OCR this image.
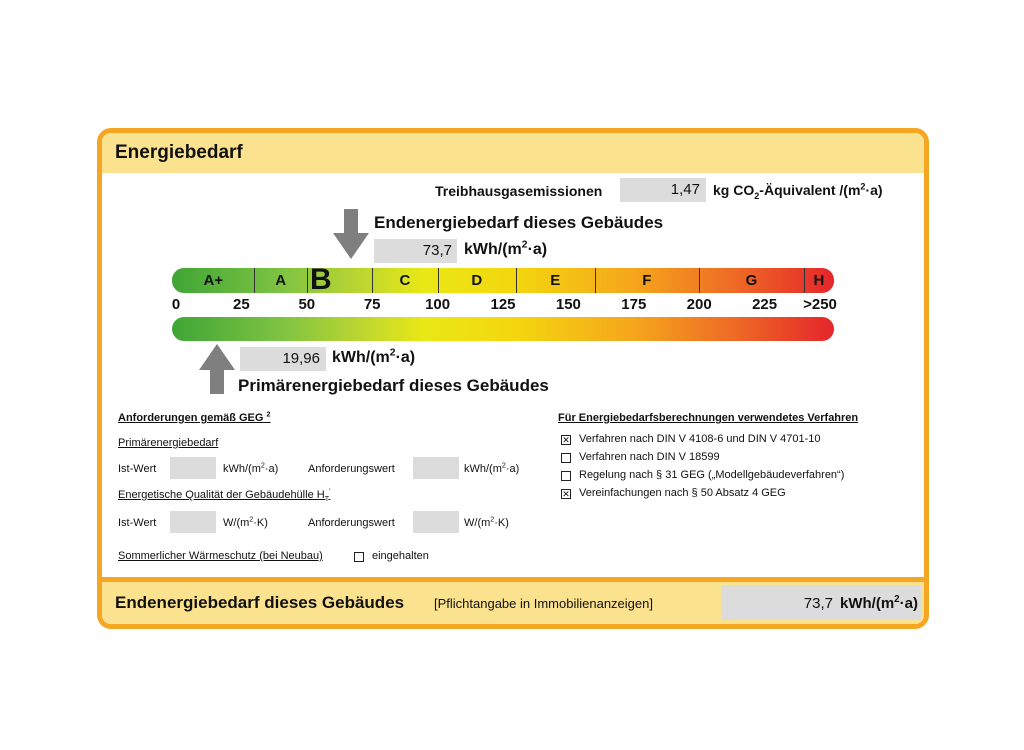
Energiebedarf
Treibhausgasemissionen	1,47 kg $CO_2$-Äquivalent $/(m^2\cdot a)$
Endenergiebedarf dieses Gebäudes
73,7 kWh/$(m^2\cdot a)$
A+	A B	C	D	E	F	G	H
0	25	50	75	100	125	150	175	200	225 >250
19,96 kWh/$(m^2\cdot a)$
Primärenergiebedarf dieses Gebäudes
Anforderungen gemäß GEG $^2$
Primärenergiebedarf
Ist-Wert	kWh/$(m^2\cdot a)$	Anforderungswert	kWh/$(m^2\cdot a)$
Energetische Qualität der Gebäudehülle $H_T'$
Ist-Wert	$W/(m^2\cdot K)$	Anforderungswert	$W/(m^2\cdot K)$
Sommerlicher Wärmeschutz (bei Neubau)	eingehalten
Für Energiebedarfsberechnungen verwendetes Verfahren
✕ Verfahren nach DIN V 4108-6 und DIN V 4701-10
Verfahren nach DIN V 18599
Regelung nach § 31 GEG („Modellgebäudeverfahren“)
✕ Vereinfachungen nach § 50 Absatz 4 GEG
Endenergiebedarf dieses Gebäudes [Pflichtangabe in Immobilienanzeigen]	73,7 kWh/$(m^2\cdot a)$
